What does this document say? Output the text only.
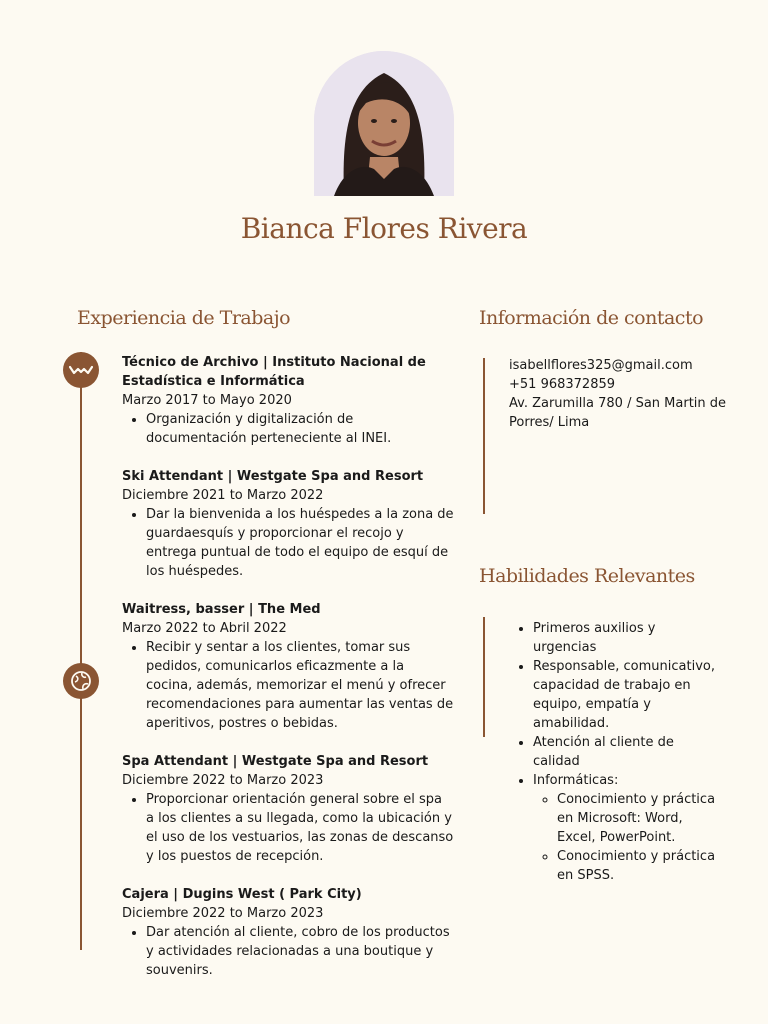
Bianca Flores Rivera
Experiencia de Trabajo	Información de contacto
Habilidades Relevantes
Técnico de Archivo | Instituto Nacional de Estadística e Informática
Marzo 2017 to Mayo 2020
• Organización y digitalización de documentación perteneciente al INEI.
Ski Attendant | Westgate Spa and Resort
Diciembre 2021 to Marzo 2022
• Dar la bienvenida a los huéspedes a la zona de guardaesquís y proporcionar el recojo y entrega puntual de todo el equipo de esquí de los huéspedes.
Waitress, basser | The Med
Marzo 2022 to Abril 2022
• Recibir y sentar a los clientes, tomar sus pedidos, comunicarlos eficazmente a la cocina, además, memorizar el menú y ofrecer recomendaciones para aumentar las ventas de aperitivos, postres o bebidas.
Spa Attendant | Westgate Spa and Resort
Diciembre 2022 to Marzo 2023
• Proporcionar orientación general sobre el spa a los clientes a su llegada, como la ubicación y el uso de los vestuarios, las zonas de descanso y los puestos de recepción.
Cajera | Dugins West ( Park City)
Diciembre 2022 to Marzo 2023
• Dar atención al cliente, cobro de los productos y actividades relacionadas a una boutique y souvenirs.
isabellflores325@gmail.com
+51 968372859
Av. Zarumilla 780 / San Martin de Porres/ Lima
• Primeros auxilios y urgencias
• Responsable, comunicativo, capacidad de trabajo en equipo, empatía y amabilidad.
• Atención al cliente de calidad
• Informáticas:
◦ Conocimiento y práctica en Microsoft: Word, Excel, PowerPoint.
◦ Conocimiento y práctica en SPSS.
